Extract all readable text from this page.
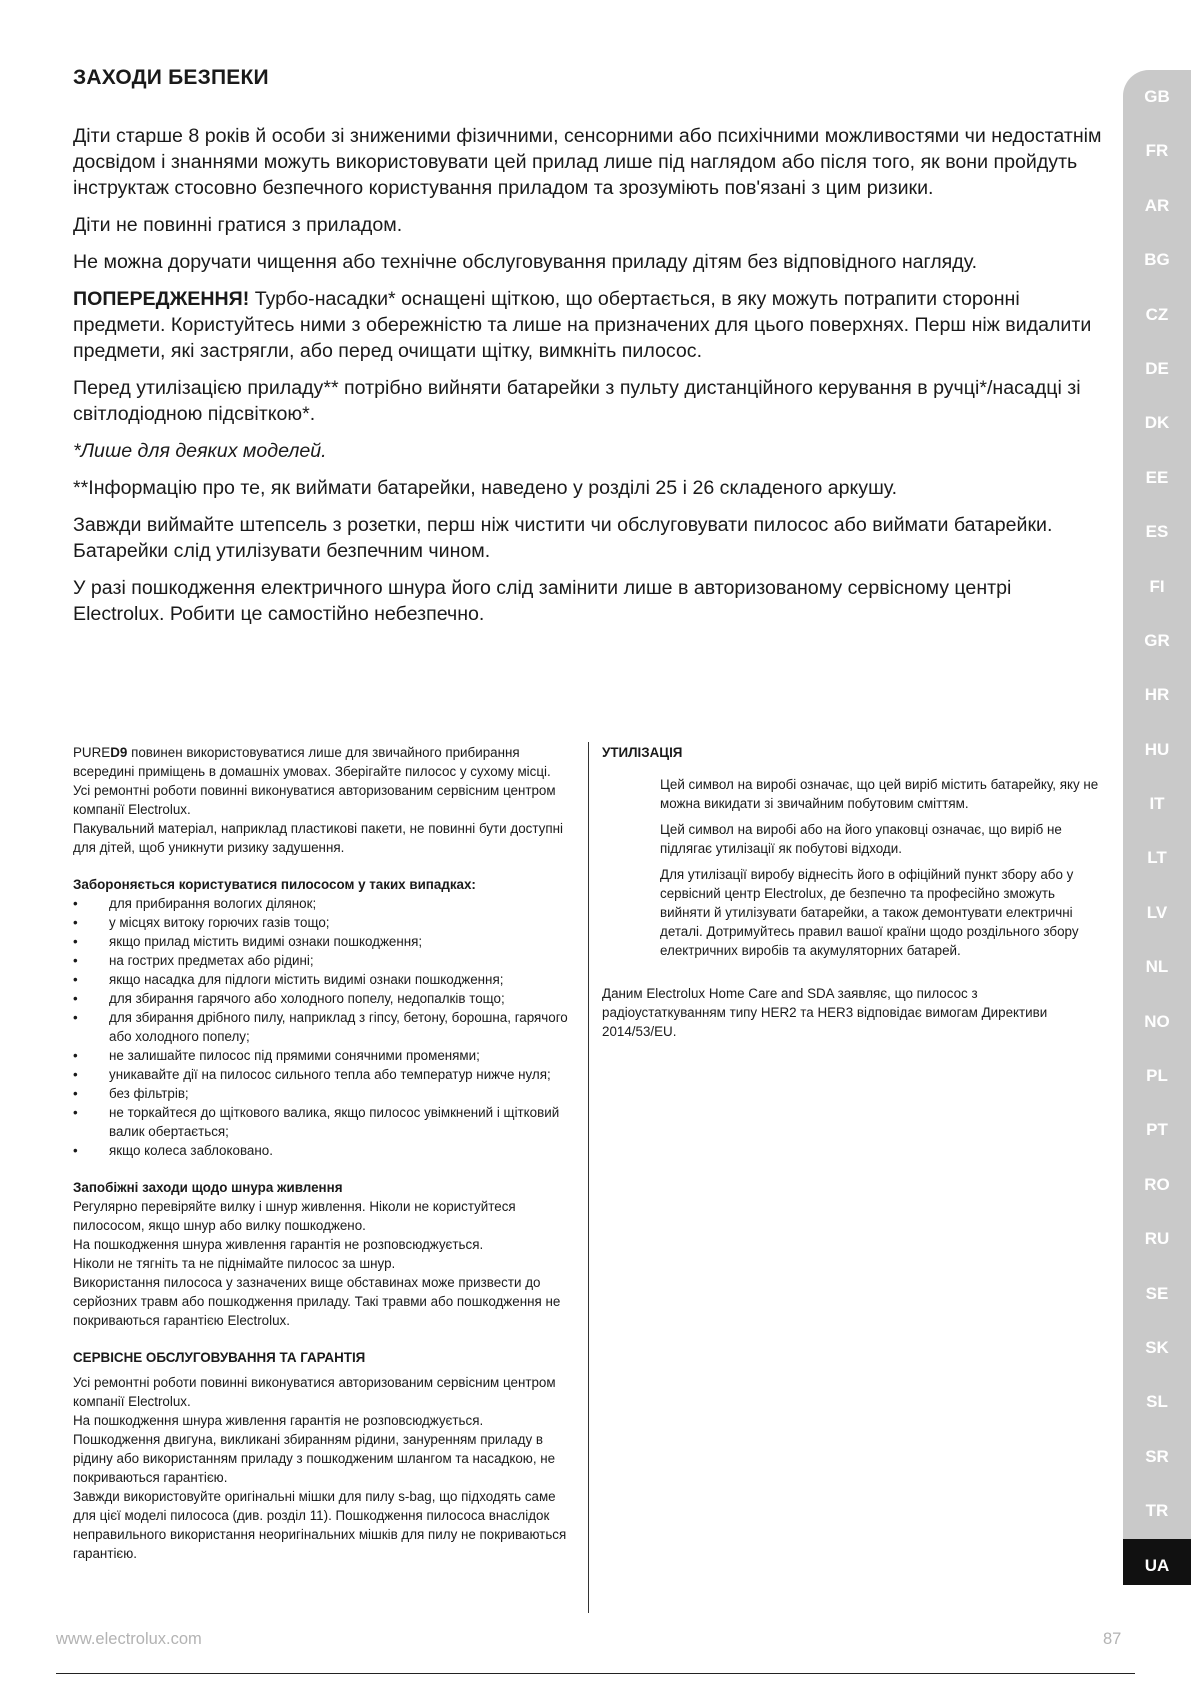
ЗАХОДИ БЕЗПЕКИ

Діти старше 8 років й особи зі зниженими фізичними, сенсорними або психічними можливостями чи недостатнім досвідом і знаннями можуть використовувати цей прилад лише під наглядом або після того, як вони пройдуть інструктаж стосовно безпечного користування приладом та зрозуміють пов'язані з цим ризики.

Діти не повинні гратися з приладом.

Не можна доручати чищення або технічне обслуговування приладу дітям без відповідного нагляду.

ПОПЕРЕДЖЕННЯ! Турбо-насадки* оснащені щіткою, що обертається, в яку можуть потрапити сторонні предмети. Користуйтесь ними з обережністю та лише на призначених для цього поверхнях. Перш ніж видалити предмети, які застрягли, або перед очищати щітку, вимкніть пилосос.

Перед утилізацією приладу** потрібно вийняти батарейки з пульту дистанційного керування в ручці*/насадці зі світлодіодною підсвіткою*.

*Лише для деяких моделей.

**Інформацію про те, як виймати батарейки, наведено у розділі 25 і 26 складеного аркушу.

Завжди виймайте штепсель з розетки, перш ніж чистити чи обслуговувати пилосос або виймати батарейки. Батарейки слід утилізувати безпечним чином.

У разі пошкодження електричного шнура його слід замінити лише в авторизованому сервісному центрі Electrolux. Робити це самостійно небезпечно.

PURED9 повинен використовуватися лише для звичайного прибирання всередині приміщень в домашніх умовах. Зберігайте пилосос у сухому місці.

Усі ремонтні роботи повинні виконуватися авторизованим сервісним центром компанії Electrolux.

Пакувальний матеріал, наприклад пластикові пакети, не повинні бути доступні для дітей, щоб уникнути ризику задушення.

Забороняється користуватися пилососом у таких випадках:
• для прибирання вологих ділянок;
• у місцях витоку горючих газів тощо;
• якщо прилад містить видимі ознаки пошкодження;
• на гострих предметах або рідині;
• якщо насадка для підлоги містить видимі ознаки пошкодження;
• для збирання гарячого або холодного попелу, недопалків тощо;
• для збирання дрібного пилу, наприклад з гіпсу, бетону, борошна, гарячого або холодного попелу;
• не залишайте пилосос під прямими сонячними променями;
• уникавайте дії на пилосос сильного тепла або температур нижче нуля;
• без фільтрів;
• не торкайтеся до щіткового валика, якщо пилосос увімкнений і щітковий валик обертається;
• якщо колеса заблоковано.
Запобіжні заходи щодо шнура живлення

Регулярно перевіряйте вилку і шнур живлення. Ніколи не користуйтеся пилососом, якщо шнур або вилку пошкоджено.

На пошкодження шнура живлення гарантія не розповсюджується.

Ніколи не тягніть та не піднімайте пилосос за шнур.

Використання пилососа у зазначених вище обставинах може призвести до серйозних травм або пошкодження приладу. Такі травми або пошкодження не покриваються гарантією Electrolux.

СЕРВІСНЕ ОБСЛУГОВУВАННЯ ТА ГАРАНТІЯ

Усі ремонтні роботи повинні виконуватися авторизованим сервісним центром компанії Electrolux.

На пошкодження шнура живлення гарантія не розповсюджується.

Пошкодження двигуна, викликані збиранням рідини, зануренням приладу в рідину або використанням приладу з пошкодженим шлангом та насадкою, не покриваються гарантією.

Завжди використовуйте оригінальні мішки для пилу s-bag, що підходять саме для цієї моделі пилососа (див. розділ 11). Пошкодження пилососа внаслідок неправильного використання неоригінальних мішків для пилу не покриваються гарантією.

УТИЛІЗАЦІЯ

Цей символ на виробі означає, що цей виріб містить батарейку, яку не можна викидати зі звичайним побутовим сміттям.

Цей символ на виробі або на його упаковці означає, що виріб не підлягає утилізації як побутові відходи.

Для утилізації виробу віднесіть його в офіційний пункт збору або у сервісний центр Electrolux, де безпечно та професійно зможуть вийняти й утилізувати батарейки, а також демонтувати електричні деталі. Дотримуйтесь правил вашої країни щодо роздільного збору електричних виробів та акумуляторних батарей.

Даним Electrolux Home Care and SDA заявляє, що пилосос з радіоустаткуванням типу HER2 та HER3 відповідає вимогам Директиви 2014/53/EU.

GB
FR
AR
BG
CZ
DE
DK
EE
ES
FI
GR
HR
HU
IT
LT
LV
NL
NO
PL
PT
RO
RU
SE
SK
SL
SR
TR
UA
www.electrolux.com	87
